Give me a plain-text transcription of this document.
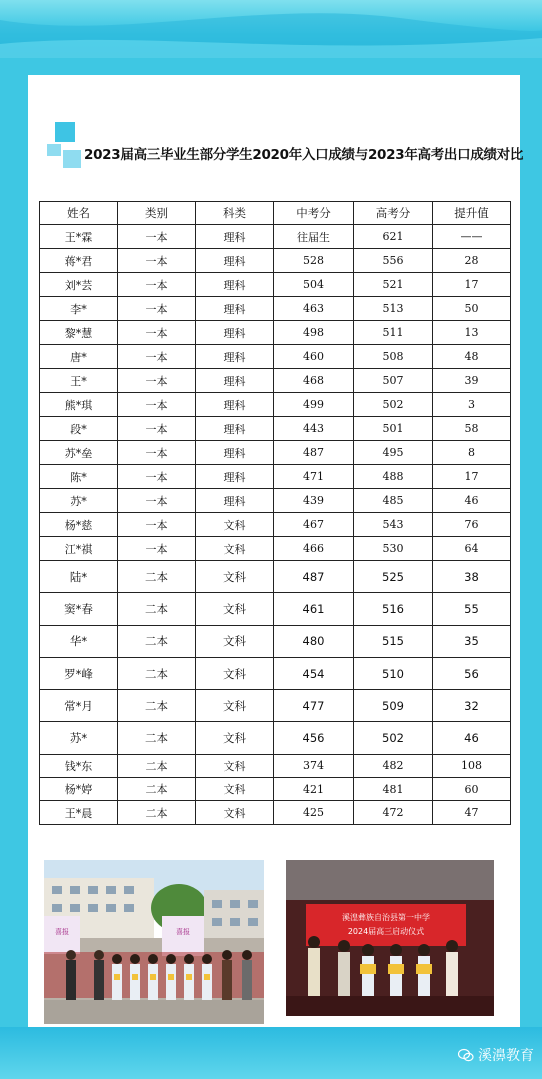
2023届高三毕业生部分学生2020年入口成绩与2023年高考出口成绩对比
姓名	类别	科类	中考分	高考分	提升值
王*霖	一本	理科	往届生	621	——
蒋*君	一本	理科	528	556	28
刘*芸	一本	理科	504	521	17
李*	一本	理科	463	513	50
黎*慧	一本	理科	498	511	13
唐*	一本	理科	460	508	48
王*	一本	理科	468	507	39
熊*琪	一本	理科	499	502	3
段*	一本	理科	443	501	58
苏*垒	一本	理科	487	495	8
陈*	一本	理科	471	488	17
苏*	一本	理科	439	485	46
杨*慈	一本	文科	467	543	76
江*祺	一本	文科	466	530	64
陆*	二本	文科	487	525	38
窦*春	二本	文科	461	516	55
华*	二本	文科	480	515	35
罗*峰	二本	文科	454	510	56
常*月	二本	文科	477	509	32
苏*	二本	文科	456	502	46
钱*东	二本	文科	374	482	108
杨*婷	二本	文科	421	481	60
王*晨	二本	文科	425	472	47
喜报	喜报
溪湟彝族自治县第一中学
2024届高三启动仪式
溪濞教育
